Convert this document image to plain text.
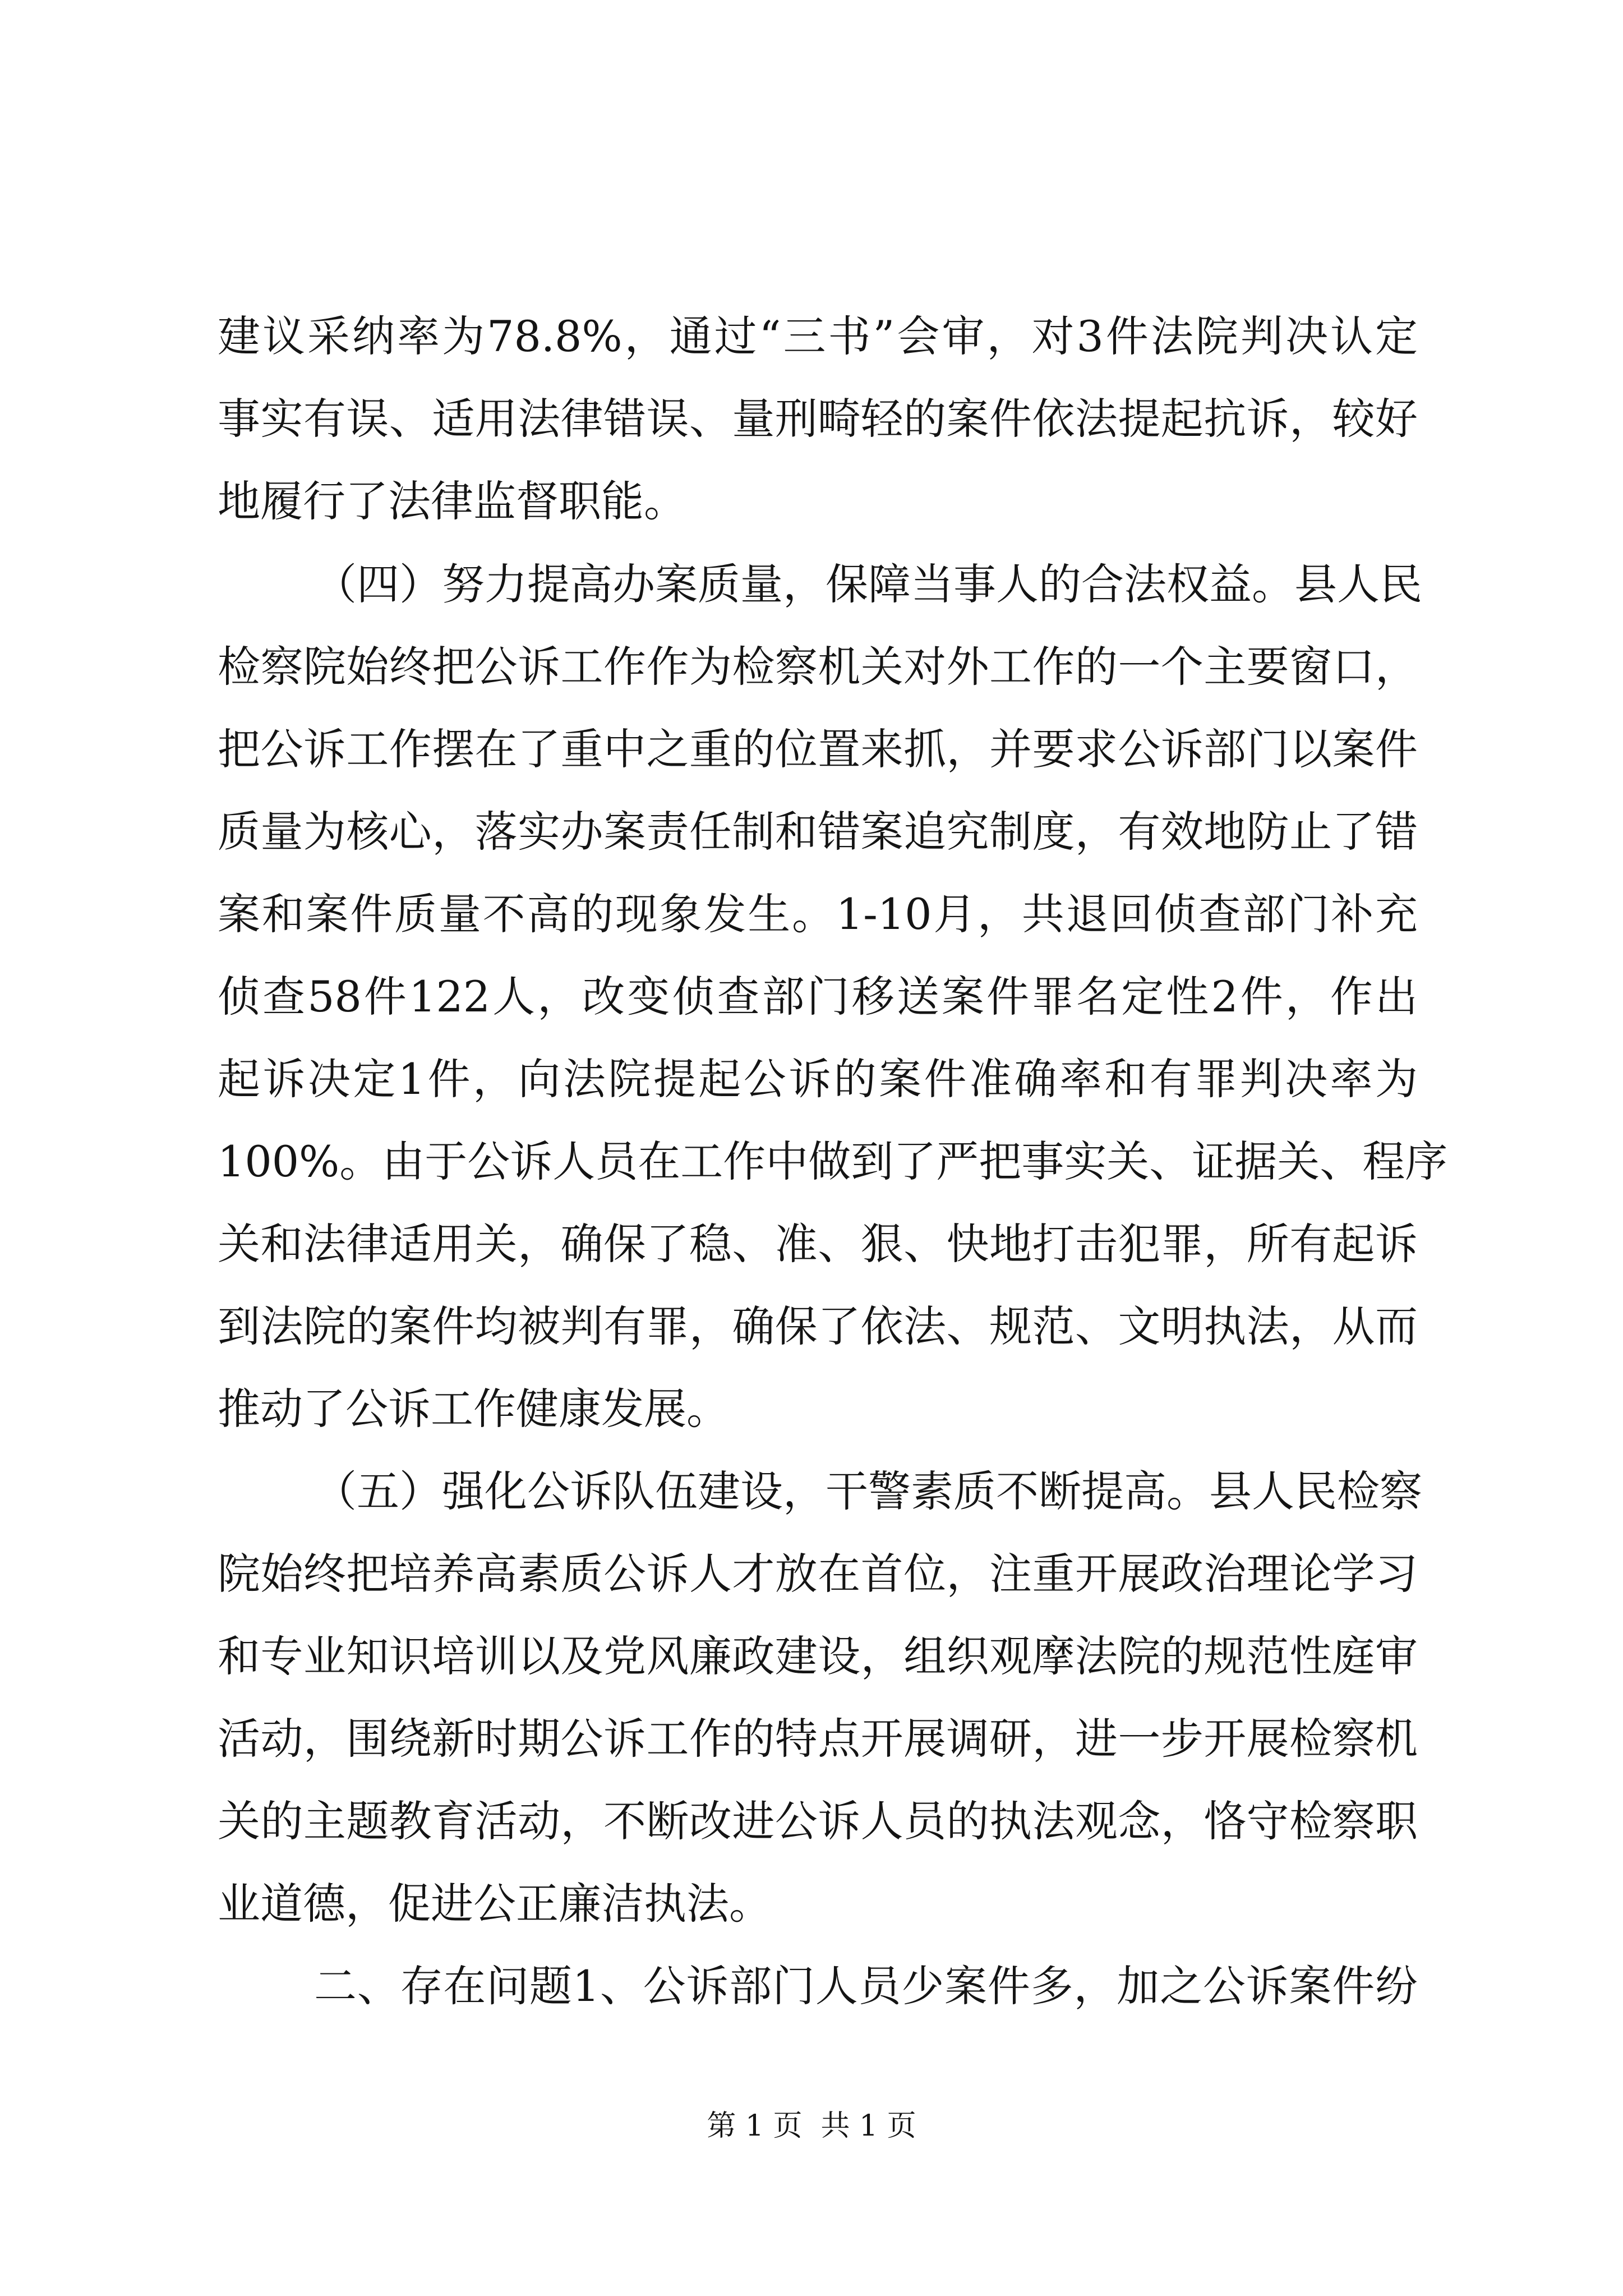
建议采纳率为78.8%，通过“三书”会审，对3件法院判决认定
事实有误、适用法律错误、量刑畸轻的案件依法提起抗诉，较好
地履行了法律监督职能。
（四）努力提高办案质量，保障当事人的合法权益。县人民
检察院始终把公诉工作作为检察机关对外工作的一个主要窗口，
把公诉工作摆在了重中之重的位置来抓，并要求公诉部门以案件
质量为核心，落实办案责任制和错案追究制度，有效地防止了错
案和案件质量不高的现象发生。1-10月，共退回侦查部门补充
侦查58件122人，改变侦查部门移送案件罪名定性2件，作出
起诉决定1件，向法院提起公诉的案件准确率和有罪判决率为
100%。由于公诉人员在工作中做到了严把事实关、证据关、程序
关和法律适用关，确保了稳、准、狠、快地打击犯罪，所有起诉
到法院的案件均被判有罪，确保了依法、规范、文明执法，从而
推动了公诉工作健康发展。
（五）强化公诉队伍建设，干警素质不断提高。县人民检察
院始终把培养高素质公诉人才放在首位，注重开展政治理论学习
和专业知识培训以及党风廉政建设，组织观摩法院的规范性庭审
活动，围绕新时期公诉工作的特点开展调研，进一步开展检察机
关的主题教育活动，不断改进公诉人员的执法观念，恪守检察职
业道德，促进公正廉洁执法。
二、存在问题1、公诉部门人员少案件多，加之公诉案件纷
第 1 页  共 1 页
